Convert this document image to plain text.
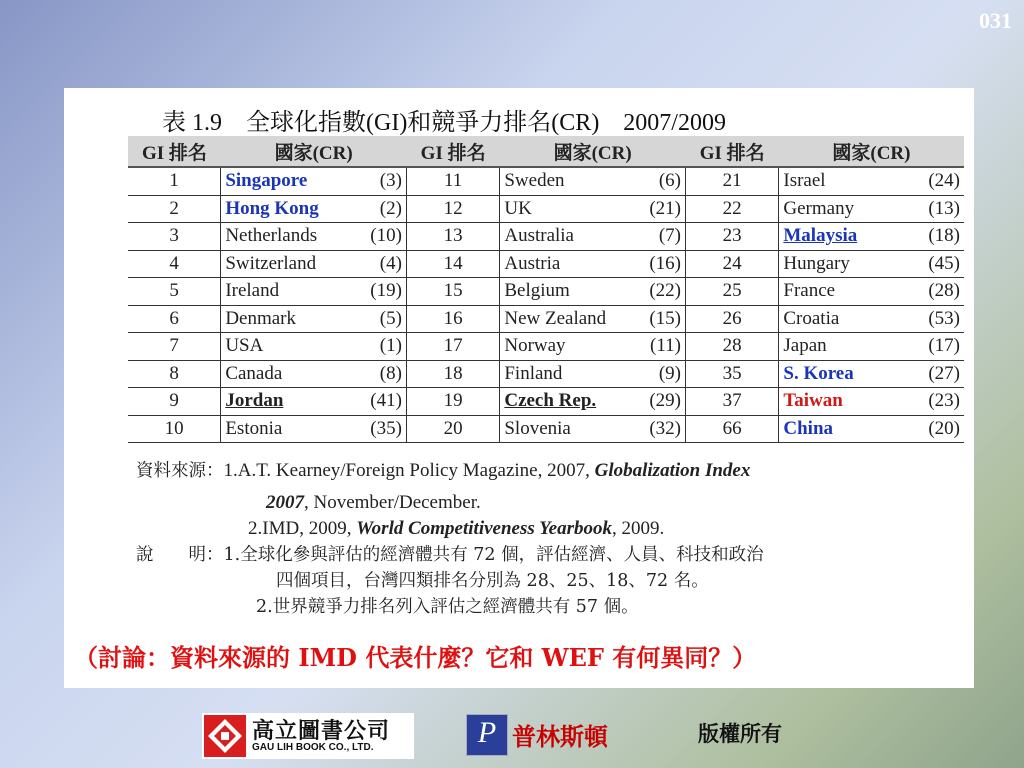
031
表 1.9　全球化指數(GI)和競爭力排名(CR)　2007/2009
GI 排名	國家(CR)	GI 排名	國家(CR)	GI 排名	國家(CR)
1	Singapore (3)	11	Sweden (6)	21	Israel (24)

2	Hong Kong (2)	12	UK (21)	22	Germany (13)

3	Netherlands (10)	13	Australia (7)	23	Malaysia (18)

4	Switzerland (4)	14	Austria (16)	24	Hungary (45)

5	Ireland (19)	15	Belgium (22)	25	France (28)

6	Denmark (5)	16	New Zealand (15)	26	Croatia (53)

7	USA (1)	17	Norway (11)	28	Japan (17)

8	Canada (8)	18	Finland (9)	35	S. Korea (27)

9	Jordan (41)	19	Czech Rep. (29)	37	Taiwan (23)

10	Estonia (35)	20	Slovenia (32)	66	China (20)
資料來源：1.A.T. Kearney/Foreign Policy Magazine, 2007, Globalization Index
2007, November/December.
2.IMD, 2009, World Competitiveness Yearbook, 2009.
說　　明：1.全球化參與評估的經濟體共有 72 個，評估經濟、人員、科技和政治
四個項目，台灣四類排名分別為 28、25、18、72 名。
2.世界競爭力排名列入評估之經濟體共有 57 個。
（討論：資料來源的 IMD 代表什麼？它和 WEF 有何異同？）
高立圖書公司
GAU LIH BOOK CO., LTD.	P 普林斯頓	版權所有
